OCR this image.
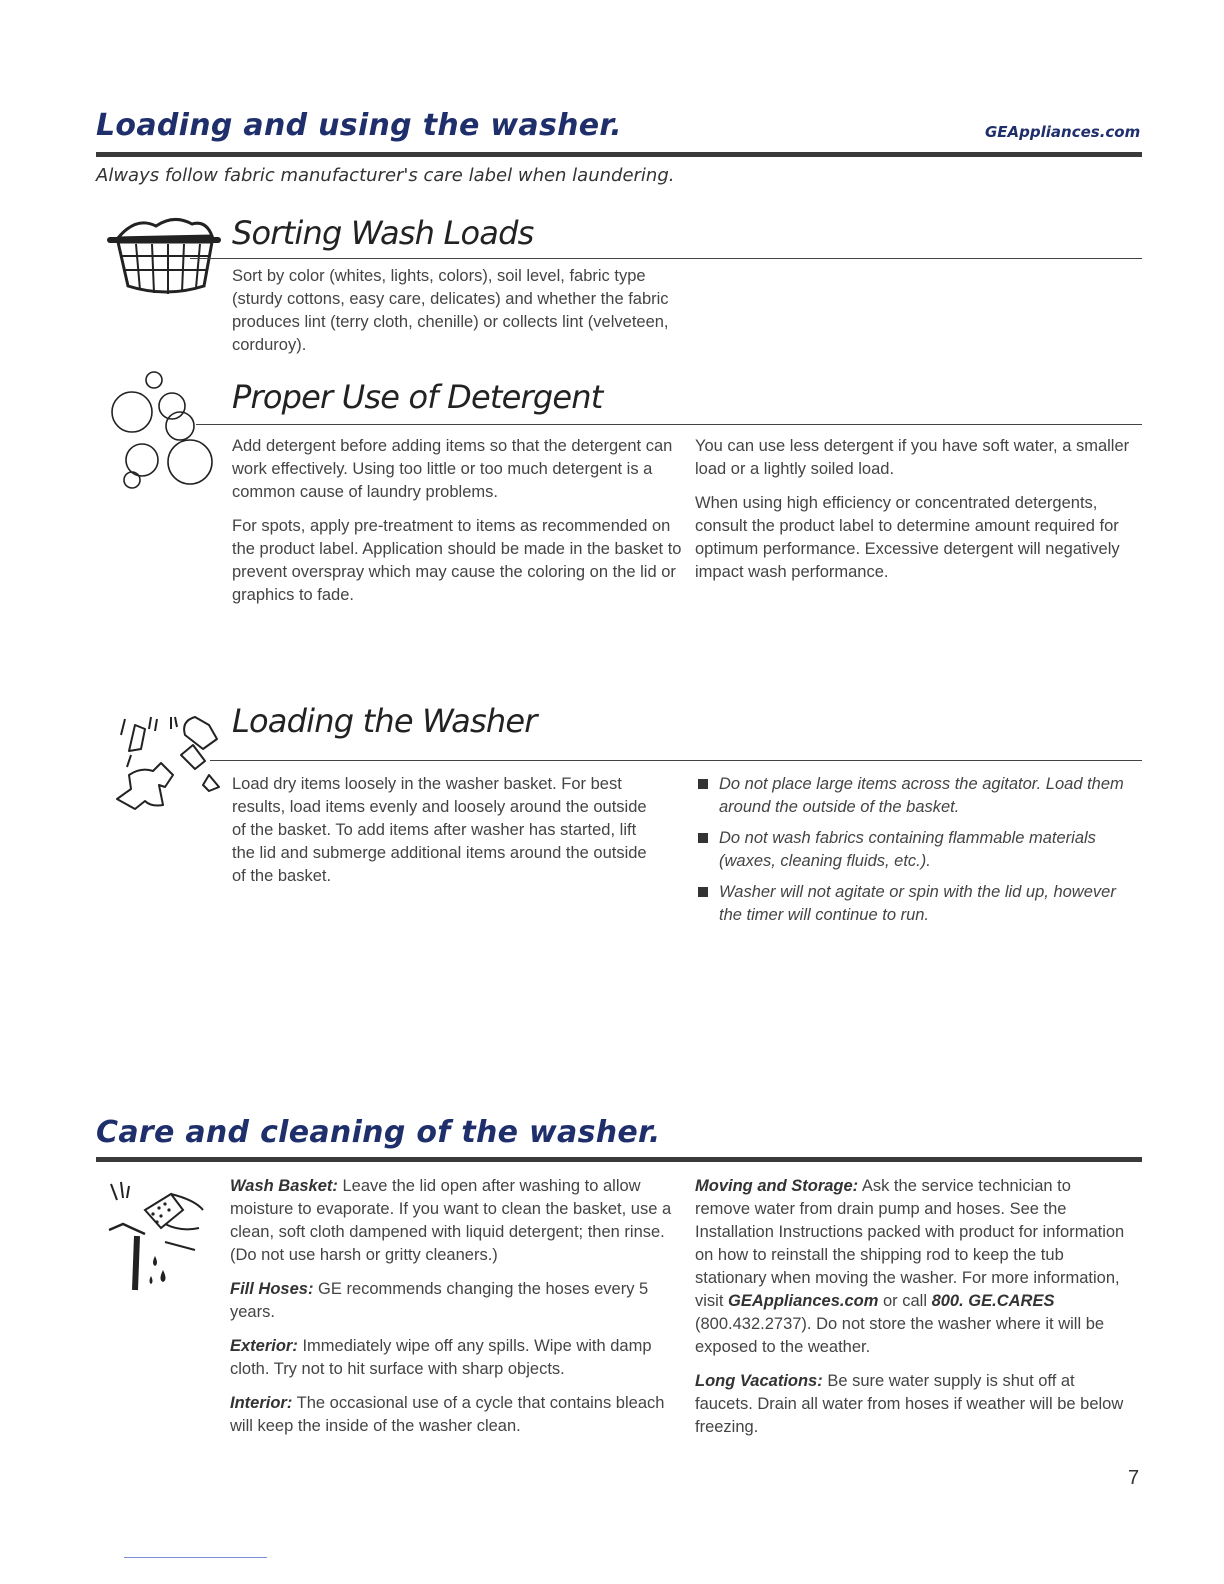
Loading and using the washer.	GEAppliances.com
Always follow fabric manufacturer's care label when laundering.
Sorting Wash Loads
Sort by color (whites, lights, colors), soil level, fabric type (sturdy cottons, easy care, delicates) and whether the fabric produces lint (terry cloth, chenille) or collects lint (velveteen, corduroy).
Proper Use of Detergent

Add detergent before adding items so that the detergent can work effectively. Using too little or too much detergent is a common cause of laundry problems.

For spots, apply pre-treatment to items as recommended on the product label. Application should be made in the basket to prevent overspray which may cause the coloring on the lid or graphics to fade.

You can use less detergent if you have soft water, a smaller load or a lightly soiled load.

When using high efficiency or concentrated detergents, consult the product label to determine amount required for optimum performance. Excessive detergent will negatively impact wash performance.

Loading the Washer
Load dry items loosely in the washer basket. For best results, load items evenly and loosely around the outside of the basket. To add items after washer has started, lift the lid and submerge additional items around the outside of the basket.
Do not place large items across the agitator. Load them around the outside of the basket.
Do not wash fabrics containing flammable materials (waxes, cleaning fluids, etc.).
Washer will not agitate or spin with the lid up, however the timer will continue to run.
Care and cleaning of the washer.

Wash Basket: Leave the lid open after washing to allow moisture to evaporate. If you want to clean the basket, use a clean, soft cloth dampened with liquid detergent; then rinse. (Do not use harsh or gritty cleaners.)

Fill Hoses: GE recommends changing the hoses every 5 years.

Exterior: Immediately wipe off any spills. Wipe with damp cloth. Try not to hit surface with sharp objects.

Interior: The occasional use of a cycle that contains bleach will keep the inside of the washer clean.

Moving and Storage: Ask the service technician to remove water from drain pump and hoses. See the Installation Instructions packed with product for information on how to reinstall the shipping rod to keep the tub stationary when moving the washer. For more information, visit GEAppliances.com or call 800. GE.CARES (800.432.2737). Do not store the washer where it will be exposed to the weather.

Long Vacations: Be sure water supply is shut off at faucets. Drain all water from hoses if weather will be below freezing.

7
